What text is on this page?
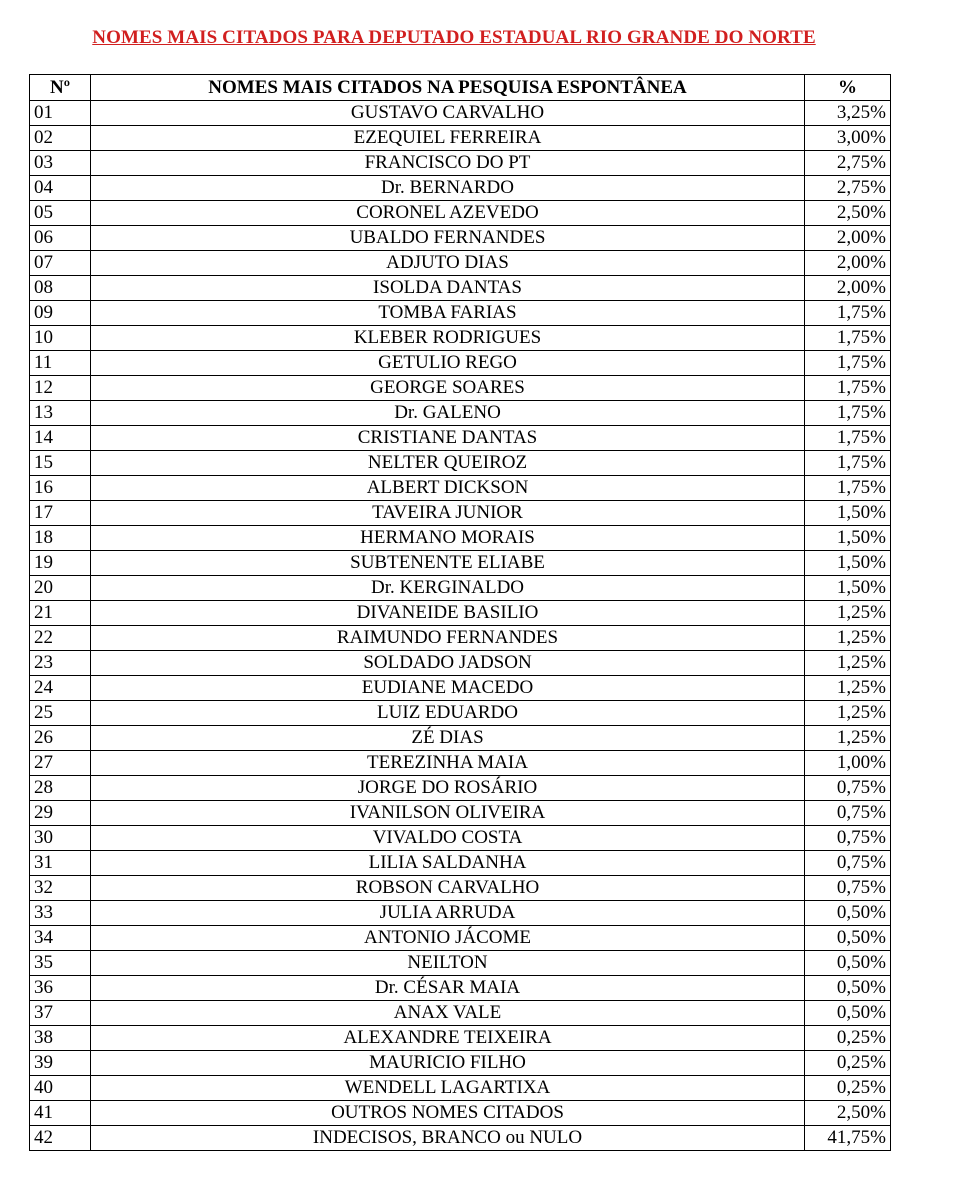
NOMES MAIS CITADOS PARA DEPUTADO ESTADUAL RIO GRANDE DO NORTE
Nº	NOMES MAIS CITADOS NA PESQUISA ESPONTÂNEA	%
01	GUSTAVO CARVALHO	3,25%
02	EZEQUIEL FERREIRA	3,00%
03	FRANCISCO DO PT	2,75%
04	Dr. BERNARDO	2,75%
05	CORONEL AZEVEDO	2,50%
06	UBALDO FERNANDES	2,00%
07	ADJUTO DIAS	2,00%
08	ISOLDA DANTAS	2,00%
09	TOMBA FARIAS	1,75%
10	KLEBER RODRIGUES	1,75%
11	GETULIO REGO	1,75%
12	GEORGE SOARES	1,75%
13	Dr. GALENO	1,75%
14	CRISTIANE DANTAS	1,75%
15	NELTER QUEIROZ	1,75%
16	ALBERT DICKSON	1,75%
17	TAVEIRA JUNIOR	1,50%
18	HERMANO MORAIS	1,50%
19	SUBTENENTE ELIABE	1,50%
20	Dr. KERGINALDO	1,50%
21	DIVANEIDE BASILIO	1,25%
22	RAIMUNDO FERNANDES	1,25%
23	SOLDADO JADSON	1,25%
24	EUDIANE MACEDO	1,25%
25	LUIZ EDUARDO	1,25%
26	ZÉ DIAS	1,25%
27	TEREZINHA MAIA	1,00%
28	JORGE DO ROSÁRIO	0,75%
29	IVANILSON OLIVEIRA	0,75%
30	VIVALDO COSTA	0,75%
31	LILIA SALDANHA	0,75%
32	ROBSON CARVALHO	0,75%
33	JULIA ARRUDA	0,50%
34	ANTONIO JÁCOME	0,50%
35	NEILTON	0,50%
36	Dr. CÉSAR MAIA	0,50%
37	ANAX VALE	0,50%
38	ALEXANDRE TEIXEIRA	0,25%
39	MAURICIO FILHO	0,25%
40	WENDELL LAGARTIXA	0,25%
41	OUTROS NOMES CITADOS	2,50%
42	INDECISOS, BRANCO ou NULO	41,75%
